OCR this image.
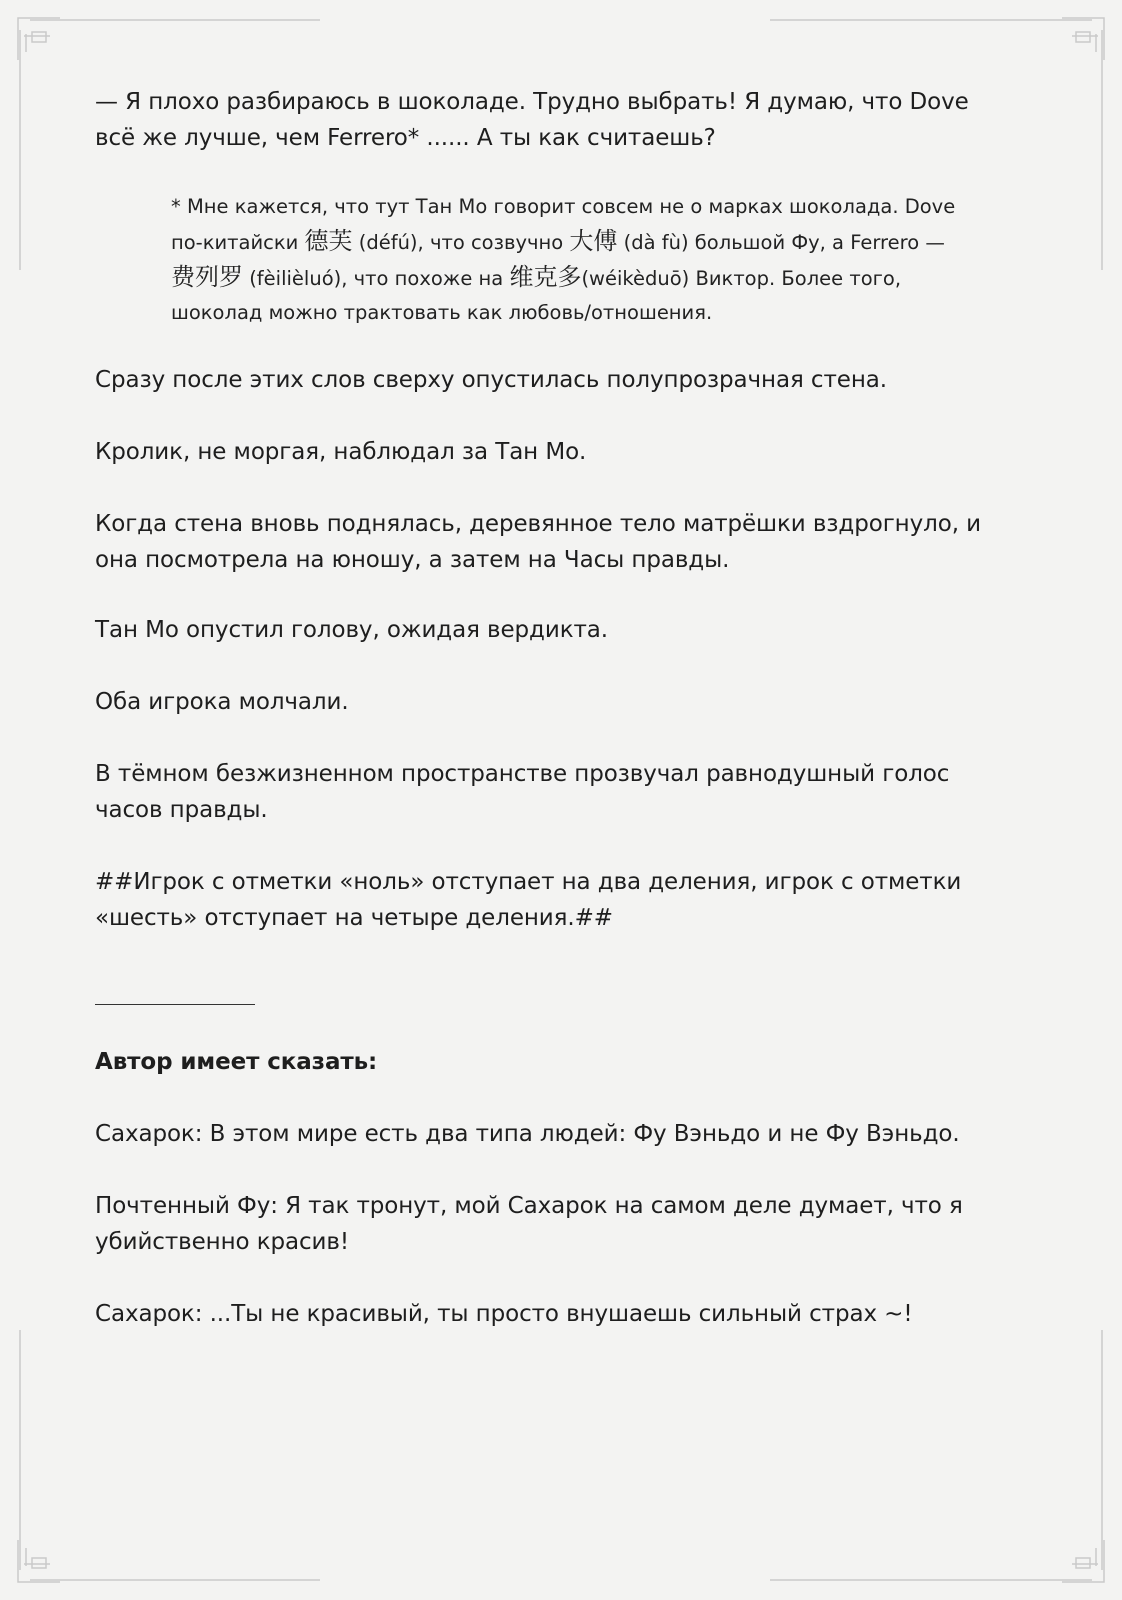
— Я плохо разбираюсь в шоколаде. Трудно выбрать! Я думаю, что Dove
всё же лучше, чем Ferrero* ...... А ты как считаешь?

* Мне кажется, что тут Тан Мо говорит совсем не о марках шоколада. Dove
по-китайски 德芙 (défú), что созвучно 大傅 (dà fù) большой Фу, а Ferrero —
费列罗 (fèilièluó), что похоже на 维克多(wéikèduō) Виктор. Более того,
шоколад можно трактовать как любовь/отношения.

Сразу после этих слов сверху опустилась полупрозрачная стена.

Кролик, не моргая, наблюдал за Тан Мо.

Когда стена вновь поднялась, деревянное тело матрёшки вздрогнуло, и
она посмотрела на юношу, а затем на Часы правды.

Тан Мо опустил голову, ожидая вердикта.

Оба игрока молчали.

В тёмном безжизненном пространстве прозвучал равнодушный голос
часов правды.

##Игрок с отметки «ноль» отступает на два деления, игрок с отметки
«шесть» отступает на четыре деления.##

Автор имеет сказать:

Сахарок: В этом мире есть два типа людей: Фу Вэньдо и не Фу Вэньдо.

Почтенный Фу: Я так тронут, мой Сахарок на самом деле думает, что я
убийственно красив!

Сахарок: ...Ты не красивый, ты просто внушаешь сильный страх ~!
